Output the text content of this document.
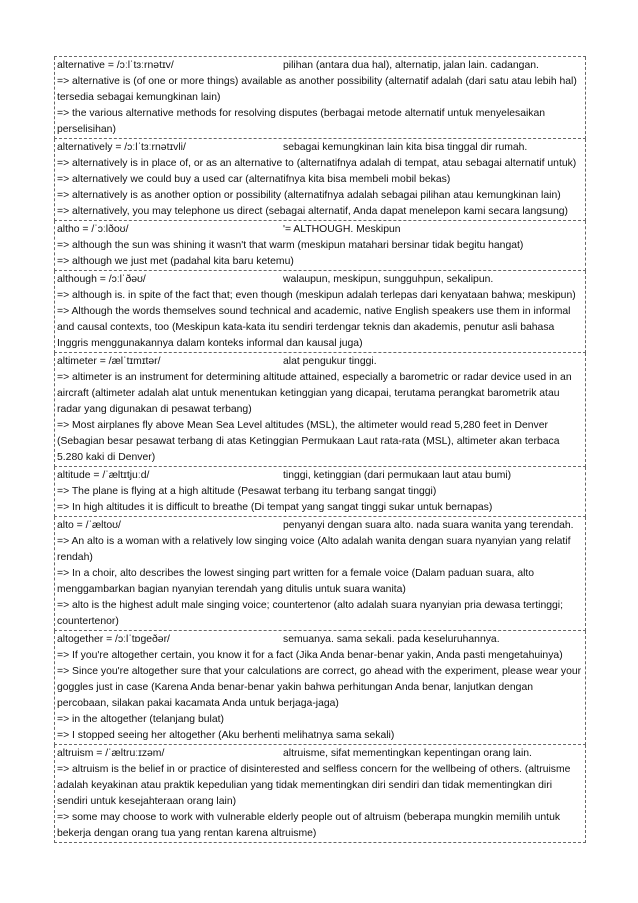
alternative = /ɔːlˈtɜːrnətɪv/	pilihan (antara dua hal), alternatip, jalan lain. cadangan.
=> alternative is (of one or more things) available as another possibility (alternatif adalah (dari satu atau lebih hal) tersedia sebagai kemungkinan lain)
=> the various alternative methods for resolving disputes (berbagai metode alternatif untuk menyelesaikan perselisihan)
alternatively = /ɔːlˈtɜːrnətɪvli/	sebagai kemungkinan lain kita bisa tinggal dir rumah.
=> alternatively is in place of, or as an alternative to (alternatifnya adalah di tempat, atau sebagai alternatif untuk)
=> alternatively we could buy a used car (alternatifnya kita bisa membeli mobil bekas)
=> alternatively is as another option or possibility (alternatifnya adalah sebagai pilihan atau kemungkinan lain)
=> alternatively, you may telephone us direct (sebagai alternatif, Anda dapat menelepon kami secara langsung)
altho = /ˈɔːlðoʊ/	'= ALTHOUGH. Meskipun
=> although the sun was shining it wasn't that warm (meskipun matahari bersinar tidak begitu hangat)
=> although we just met (padahal kita baru ketemu)
although = /ɔːlˈðəʊ/	walaupun, meskipun, sungguhpun, sekalipun.
=> although is. in spite of the fact that; even though (meskipun adalah terlepas dari kenyataan bahwa; meskipun)
=> Although the words themselves sound technical and academic, native English speakers use them in informal and causal contexts, too (Meskipun kata-kata itu sendiri terdengar teknis dan akademis, penutur asli bahasa Inggris menggunakannya dalam konteks informal dan kausal juga)
altimeter = /ælˈtɪmɪtər/	alat pengukur tinggi.
=> altimeter is an instrument for determining altitude attained, especially a barometric or radar device used in an aircraft (altimeter adalah alat untuk menentukan ketinggian yang dicapai, terutama perangkat barometrik atau radar yang digunakan di pesawat terbang)
=> Most airplanes fly above Mean Sea Level altitudes (MSL), the altimeter would read 5,280 feet in Denver (Sebagian besar pesawat terbang di atas Ketinggian Permukaan Laut rata-rata (MSL), altimeter akan terbaca 5.280 kaki di Denver)
altitude = /ˈæltɪtjuːd/	tinggi, ketinggian (dari permukaan laut atau bumi)
=> The plane is flying at a high altitude (Pesawat terbang itu terbang sangat tinggi)
=> In high altitudes it is difficult to breathe (Di tempat yang sangat tinggi sukar untuk bernapas)
alto = /ˈæltoʊ/	penyanyi dengan suara alto. nada suara wanita yang terendah.
=> An alto is a woman with a relatively low singing voice (Alto adalah wanita dengan suara nyanyian yang relatif rendah)
=> In a choir, alto describes the lowest singing part written for a female voice (Dalam paduan suara, alto menggambarkan bagian nyanyian terendah yang ditulis untuk suara wanita)
=> alto is the highest adult male singing voice; countertenor (alto adalah suara nyanyian pria dewasa tertinggi; countertenor)
altogether = /ɔːlˈtɒgeðər/	semuanya. sama sekali. pada keseluruhannya.
=> If you're altogether certain, you know it for a fact (Jika Anda benar-benar yakin, Anda pasti mengetahuinya)
=> Since you're altogether sure that your calculations are correct, go ahead with the experiment, please wear your goggles just in case (Karena Anda benar-benar yakin bahwa perhitungan Anda benar, lanjutkan dengan percobaan, silakan pakai kacamata Anda untuk berjaga-jaga)
=> in the altogether (telanjang bulat)
=> I stopped seeing her altogether (Aku berhenti melihatnya sama sekali)
altruism = /ˈæltruːɪzəm/	altruisme, sifat mementingkan kepentingan orang lain.
=> altruism is the belief in or practice of disinterested and selfless concern for the wellbeing of others. (altruisme adalah keyakinan atau praktik kepedulian yang tidak mementingkan diri sendiri dan tidak mementingkan diri sendiri untuk kesejahteraan orang lain)
=> some may choose to work with vulnerable elderly people out of altruism (beberapa mungkin memilih untuk bekerja dengan orang tua yang rentan karena altruisme)
